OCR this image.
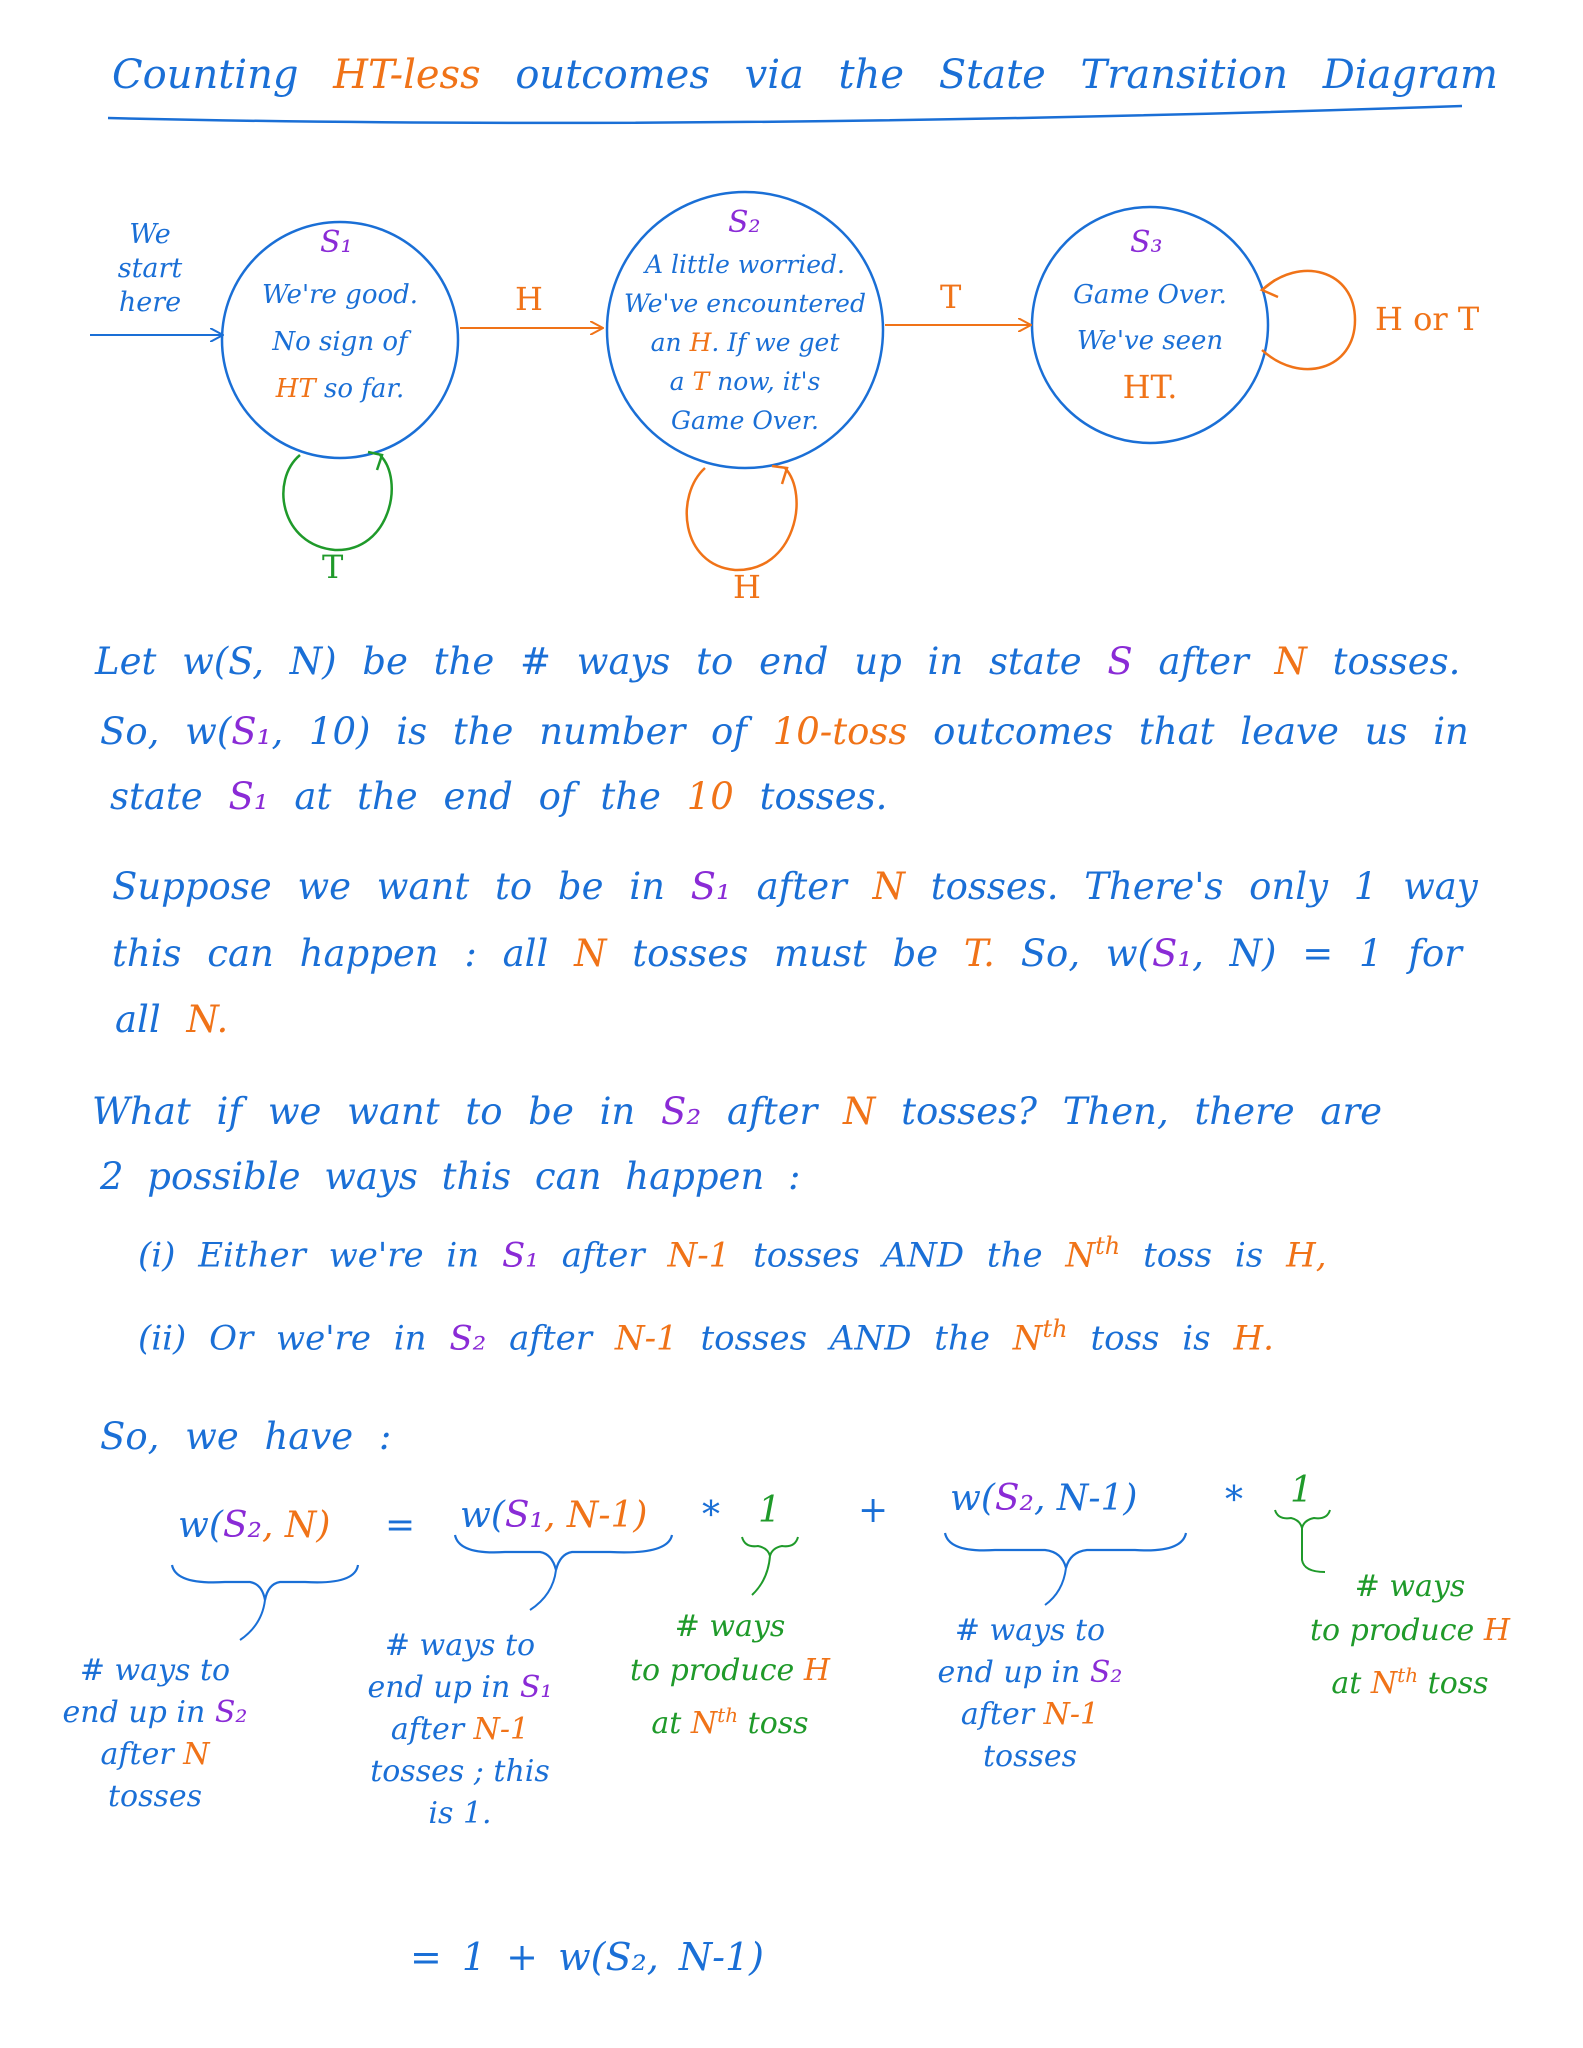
Counting HT-less outcomes via the State Transition Diagram
We
start
here
S₁
We're good.
No sign of
HT so far.
H
T
S₂
A little worried.
We've encountered
an H. If we get
a T now, it's
Game Over.
T
H
S₃
Game Over.
We've seen
HT.
H or T
Let w(S, N) be the # ways to end up in state S after N tosses.
So, w(S₁, 10) is the number of 10-toss outcomes that leave us in
state S₁ at the end of the 10 tosses.
Suppose we want to be in S₁ after N tosses. There's only 1 way
this can happen : all N tosses must be T. So, w(S₁, N) = 1 for
all N.
What if we want to be in S₂ after N tosses? Then, there are
2 possible ways this can happen :
(i) Either we're in S₁ after N-1 tosses AND the $N^{th}$ toss is H,
(ii) Or we're in S₂ after N-1 tosses AND the $N^{th}$ toss is H.
So, we have :
w(S₂, N) = w(S₁, N-1) * 1 + w(S₂, N-1) * 1
# ways to
end up in S₂
after N
tosses
# ways to
end up in S₁
after N-1
tosses ; this
is 1.
# ways
to produce H
at $N^{th}$ toss
# ways to
end up in S₂
after N-1
tosses
# ways
to produce H
at $N^{th}$ toss
= 1 + w(S₂, N-1)
